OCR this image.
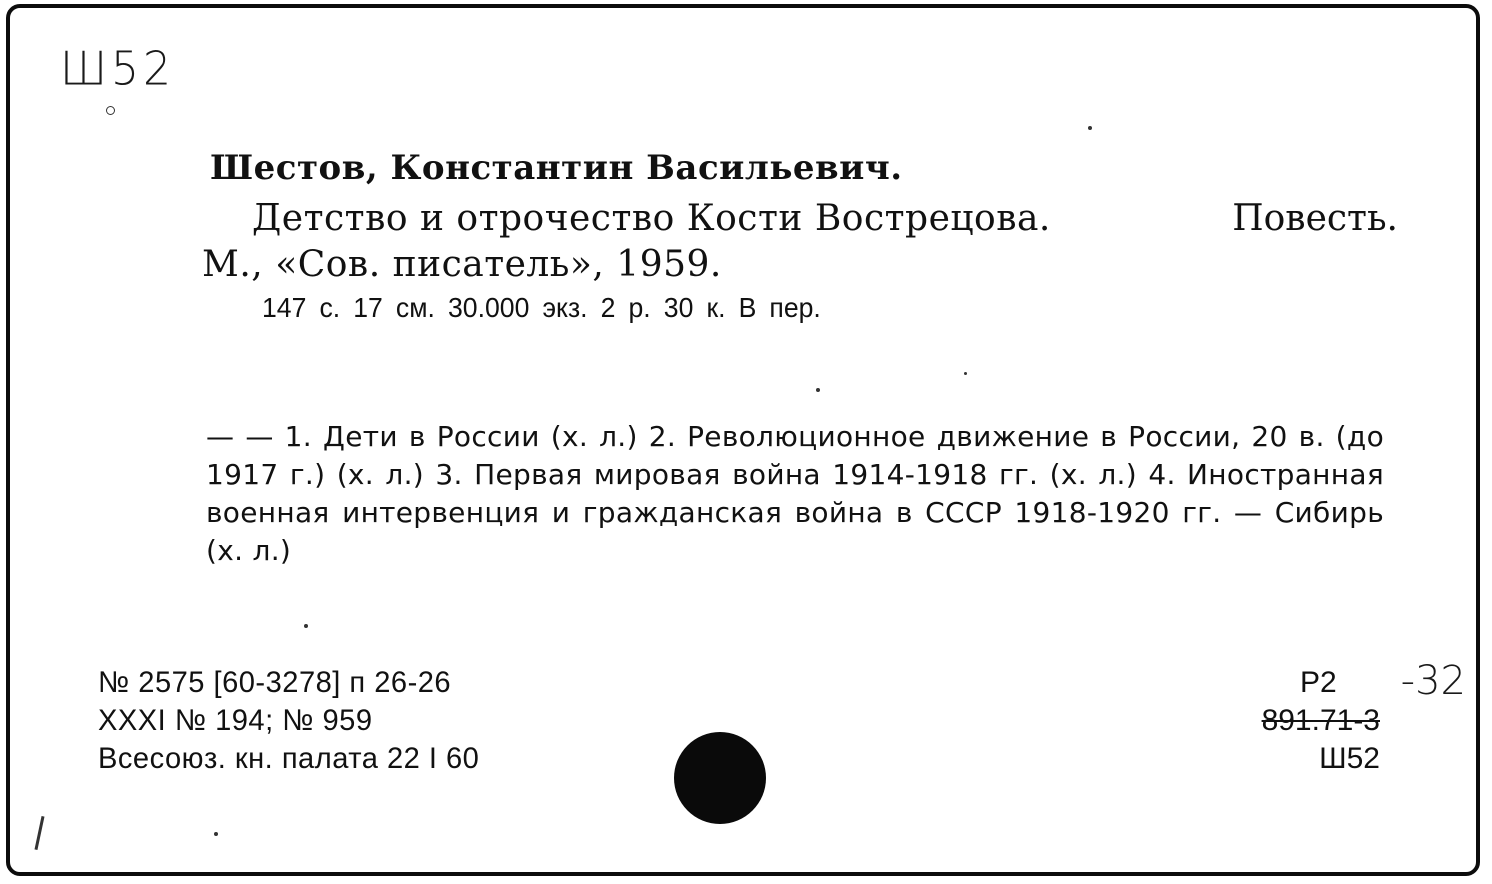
Ш52

Шестов, Константин Васильевич.

Детство и отрочество Кости Вострецова.	Повесть.

М., «Сов. писатель», 1959.

147 с. 17 см. 30.000 экз. 2 р. 30 к. В пер.

— — 1. Дети в России (х. л.) 2. Революционное движение в России, 20 в. (до 1917 г.) (х. л.) 3. Первая мировая война 1914-1918 гг. (х. л.) 4. Иностранная военная интервенция и гражданская война в СССР 1918-1920 гг. — Сибирь (х. л.)
№ 2575 [60-3278] п 26-26
XXXI № 194; № 959
Всесоюз. кн. палата 22 I 60
Р2
891.71-3
Ш52
-32
